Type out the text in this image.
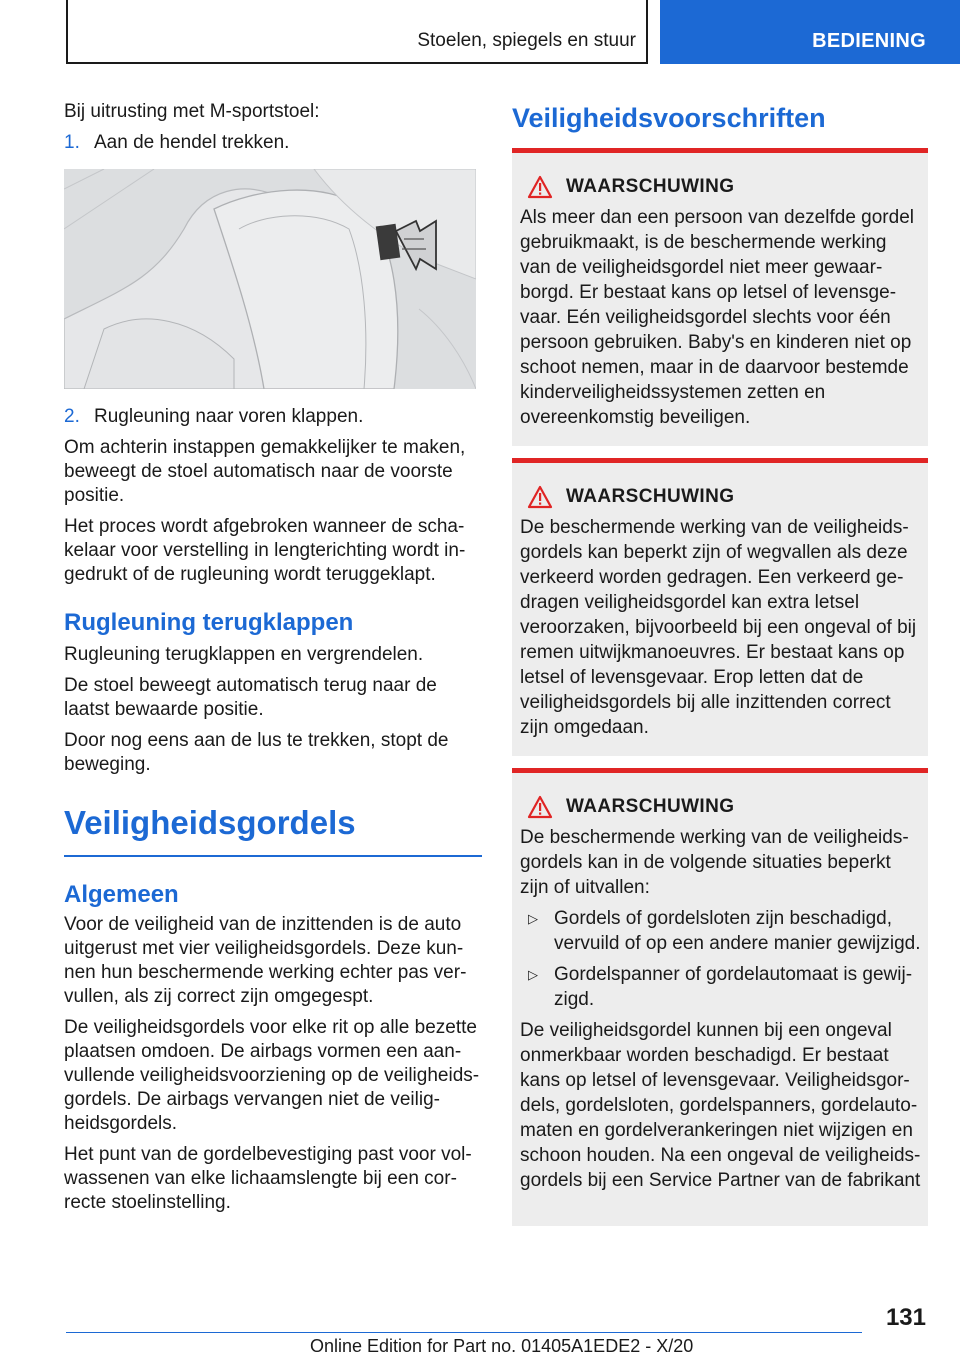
Stoelen, spiegels en stuur	BEDIENING

Bij uitrusting met M-sportstoel:

1. Aan de hendel trekken.
2. Rugleuning naar voren klappen.

Om achterin instappen gemakkelijker te maken, beweegt de stoel automatisch naar de voorste positie.

Het proces wordt afgebroken wanneer de schakelaar voor verstelling in lengterichting wordt ingedrukt of de rugleuning wordt teruggeklapt.

Rugleuning terugklappen

Rugleuning terugklappen en vergrendelen.

De stoel beweegt automatisch terug naar de laatst bewaarde positie.

Door nog eens aan de lus te trekken, stopt de beweging.

Veiligheidsgordels
Algemeen

Voor de veiligheid van de inzittenden is de auto uitgerust met vier veiligheidsgordels. Deze kunnen hun beschermende werking echter pas vervullen, als zij correct zijn omgegespt.

De veiligheidsgordels voor elke rit op alle bezette plaatsen omdoen. De airbags vormen een aanvullende veiligheidsvoorziening op de veiligheidsgordels. De airbags vervangen niet de veiligheidsgordels.

Het punt van de gordelbevestiging past voor volwassenen van elke lichaamslengte bij een correcte stoelinstelling.

Veiligheidsvoorschriften
WAARSCHUWING

Als meer dan een persoon van dezelfde gordel gebruikmaakt, is de beschermende werking van de veiligheidsgordel niet meer gewaarborgd. Er bestaat kans op letsel of levensgevaar. Eén veiligheidsgordel slechts voor één persoon gebruiken. Baby's en kinderen niet op schoot nemen, maar in de daarvoor bestemde kinderveiligheidssystemen zetten en overeenkomstig beveiligen.

WAARSCHUWING

De beschermende werking van de veiligheidsgordels kan beperkt zijn of wegvallen als deze verkeerd worden gedragen. Een verkeerd gedragen veiligheidsgordel kan extra letsel veroorzaken, bijvoorbeeld bij een ongeval of bij remen uitwijkmanoeuvres. Er bestaat kans op letsel of levensgevaar. Erop letten dat de veiligheidsgordels bij alle inzittenden correct zijn omgedaan.

WAARSCHUWING

De beschermende werking van de veiligheidsgordels kan in de volgende situaties beperkt zijn of uitvallen:

▷ Gordels of gordelsloten zijn beschadigd, vervuild of op een andere manier gewijzigd.
▷ Gordelspanner of gordelautomaat is gewijzigd.

De veiligheidsgordel kunnen bij een ongeval onmerkbaar worden beschadigd. Er bestaat kans op letsel of levensgevaar. Veiligheidsgordels, gordelsloten, gordelspanners, gordelautomaten en gordelverankeringen niet wijzigen en schoon houden. Na een ongeval de veiligheidsgordels bij een Service Partner van de fabrikant

131
Online Edition for Part no. 01405A1EDE2 - X/20
